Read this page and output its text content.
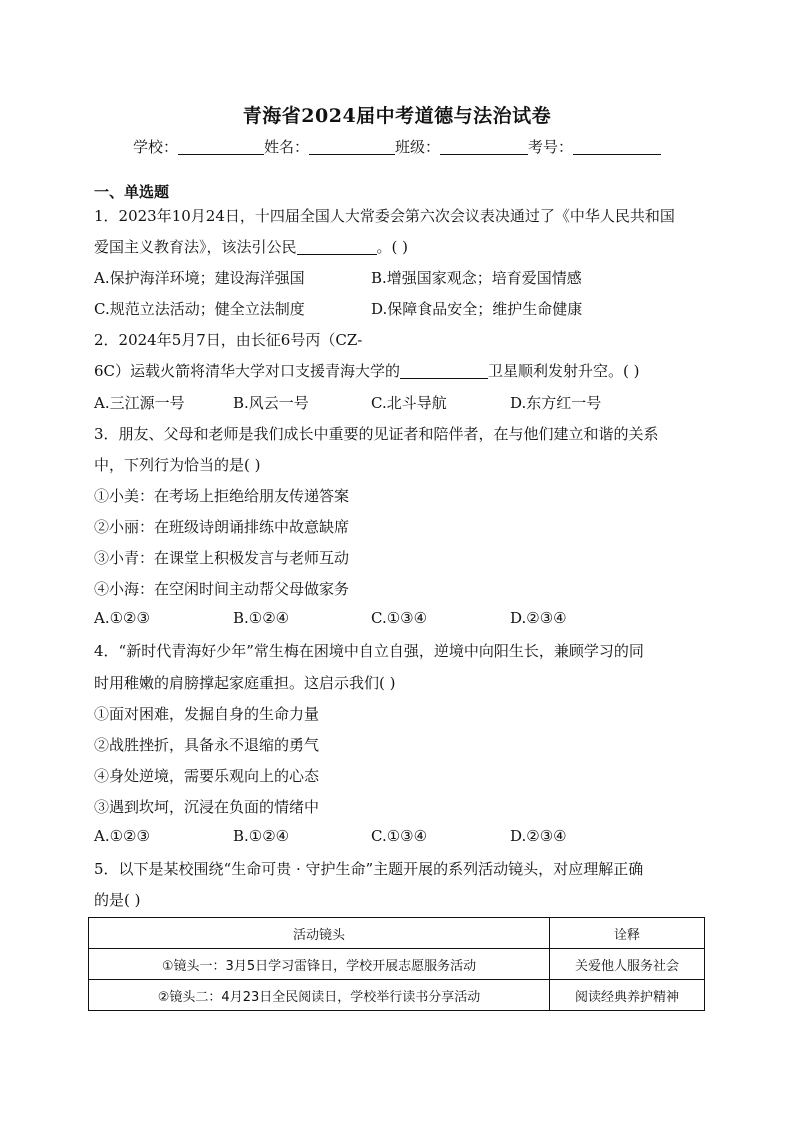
青海省2024届中考道德与法治试卷
学校：	姓名：	班级：	考号：
一、单选题
1．2023年10月24日，十四届全国人大常委会第六次会议表决通过了《中华人民共和国
爱国主义教育法》，该法引公民	。( )
A.保护海洋环境；建设海洋强国	B.增强国家观念；培育爱国情感
C.规范立法活动；健全立法制度	D.保障食品安全；维护生命健康
2．2024年5月7日，由长征6号丙（CZ-
6C）运载火箭将清华大学对口支援青海大学的	卫星顺利发射升空。( )
A.三江源一号	B.风云一号	C.北斗导航	D.东方红一号
3．朋友、父母和老师是我们成长中重要的见证者和陪伴者，在与他们建立和谐的关系
中，下列行为恰当的是( )
①小美：在考场上拒绝给朋友传递答案
②小丽：在班级诗朗诵排练中故意缺席
③小青：在课堂上积极发言与老师互动
④小海：在空闲时间主动帮父母做家务
A.①②③	B.①②④	C.①③④	D.②③④
4．“新时代青海好少年”常生梅在困境中自立自强，逆境中向阳生长，兼顾学习的同
时用稚嫩的肩膀撑起家庭重担。这启示我们( )
①面对困难，发掘自身的生命力量
②战胜挫折，具备永不退缩的勇气
④身处逆境，需要乐观向上的心态
③遇到坎坷，沉浸在负面的情绪中
A.①②③	B.①②④	C.①③④	D.②③④
5．以下是某校围绕“生命可贵 · 守护生命”主题开展的系列活动镜头，对应理解正确
的是( )
活动镜头	诠释
①镜头一：3月5日学习雷锋日，学校开展志愿服务活动	关爱他人服务社会
②镜头二：4月23日全民阅读日，学校举行读书分享活动	阅读经典养护精神
